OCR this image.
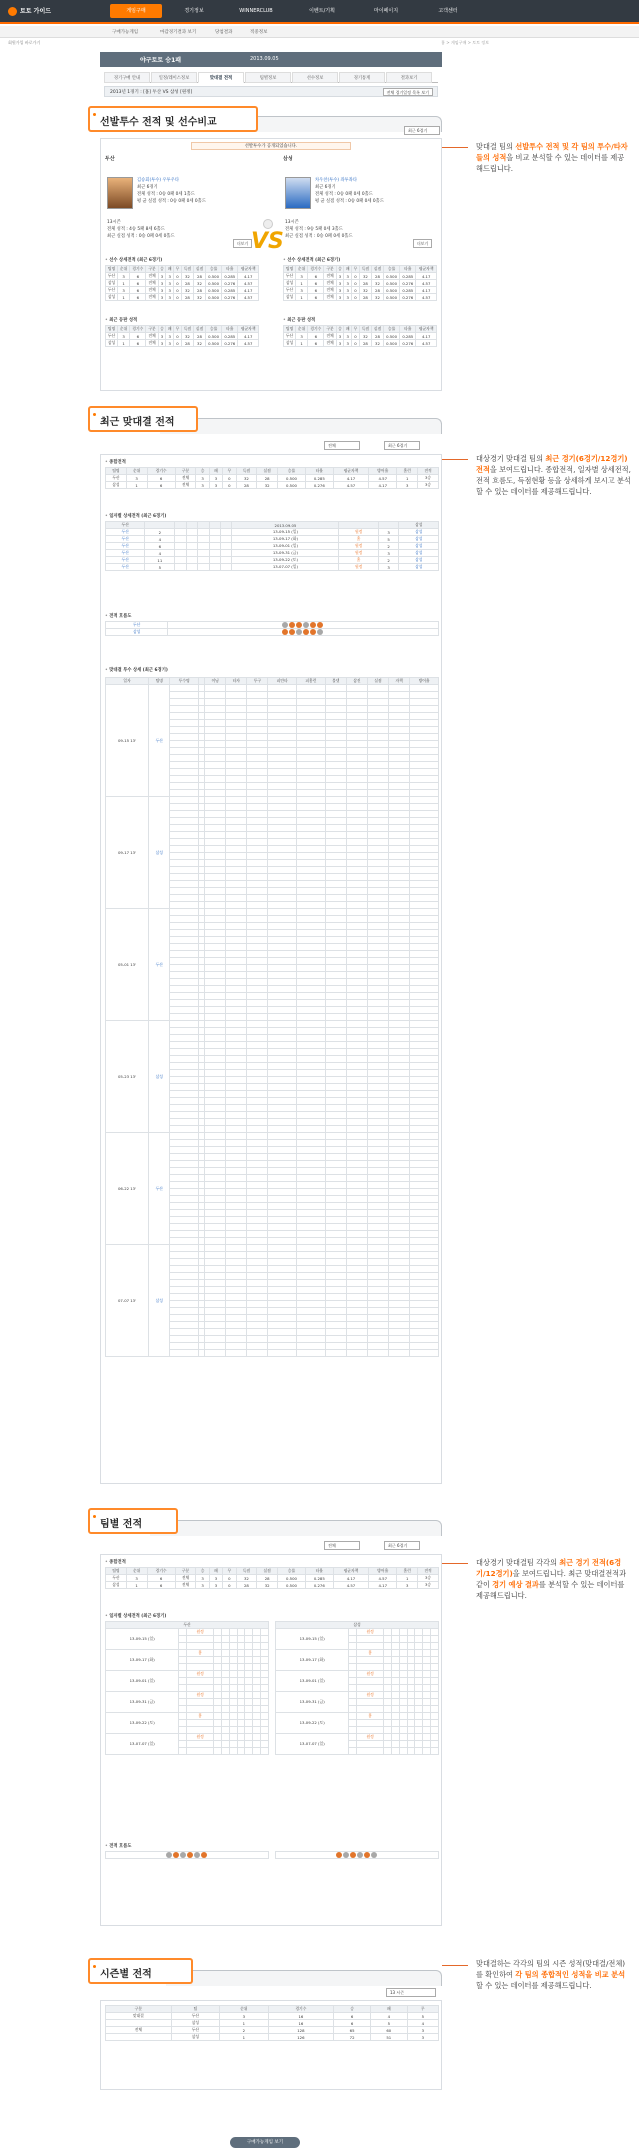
토토 가이드	게임구매	경기정보	WINNERCLUB	이벤트/기획	마이페이지	고객센터
구매가능게임	마감경기결과 보기	당첨결과	적중정보
회원가입 바로가기	홈 > 게임구매 > 토토 정보
야구토토 승1패	2013.09.05
경기구매 안내	일정/레이스정보	맞대결 전적	팀별정보	선수정보	경기통계	결과보기
2013년 1경기 : [홈] 두산 VS 삼성 [원정]	전체 경기일정 목록 보기
선발투수 전적 및 선수비교
최근 6경기
맞대결 팀의 선발투수 전적 및 각 팀의 투수/타자들의 성적을 비교 분석할 수 있는 데이터를 제공해드립니다.
선발투수가 공개되었습니다.
두산	삼성
김승회(투수) 우투우타
최근 6경기
전체 성적 : 0승 0패 0세 1홀드
평 균 실점 성적 : 0승 0패 0세 0홀드
차우찬(투수) 좌투좌타
최근 6경기
전체 성적 : 0승 0패 0세 0홀드
평 균 실점 성적 : 0승 0패 0세 0홀드
13시즌
전체 성적 : 4승 5패 8세 6홀드
최근 실점 성적 : 0승 0패 0세 0홀드
13시즌
전체 성적 : 9승 5패 0세 3홀드
최근 실점 성적 : 0승 0패 0세 0홀드
더보기	더보기
VS
• 선수 상세전적 (최근 6경기)	• 선수 상세전적 (최근 6경기)
팀명	순위	경기수	구분	승	패	무	득점	실점	승률	타율	평균자책
두산	3	6	전체	3	3	0	32	28	0.500	0.285	4.17
삼성	1	6	전체	3	3	0	28	32	0.500	0.276	4.57
두산	3	6	전체	3	3	0	32	28	0.500	0.285	4.17
삼성	1	6	전체	3	3	0	28	32	0.500	0.276	4.57
팀명	순위	경기수	구분	승	패	무	득점	실점	승률	타율	평균자책
두산	3	6	전체	3	3	0	32	28	0.500	0.285	4.17
삼성	1	6	전체	3	3	0	28	32	0.500	0.276	4.57
두산	3	6	전체	3	3	0	32	28	0.500	0.285	4.17
삼성	1	6	전체	3	3	0	28	32	0.500	0.276	4.57
• 최근 등판 성적	• 최근 등판 성적
팀명	순위	경기수	구분	승	패	무	득점	실점	승률	타율	평균자책
두산	3	6	전체	3	3	0	32	28	0.500	0.285	4.17
삼성	1	6	전체	3	3	0	28	32	0.500	0.276	4.57
팀명	순위	경기수	구분	승	패	무	득점	실점	승률	타율	평균자책
두산	3	6	전체	3	3	0	32	28	0.500	0.285	4.17
삼성	1	6	전체	3	3	0	28	32	0.500	0.276	4.57
최근 맞대결 전적
전체	최근 6경기
대상경기 맞대결 팀의 최근 경기(6경기/12경기) 전적을 보여드립니다. 종합전적, 일자별 상세전적, 전적 흐름도, 득점현황 등을 상세하게 보시고 분석할 수 있는 데이터를 제공해드립니다.
• 종합전적
팀명	순위	경기수	구분	승	패	무	득점	실점	승률	타율	평균자책	방어율	홈런	전적
두산	3	6	전체	3	3	0	32	28	0.500	0.285	4.17	4.57	1	3승
삼성	1	6	전체	3	3	0	28	32	0.500	0.276	4.57	4.17	3	3승
• 일자별 상세전적 (최근 6경기)
두산							2013.09.05			삼성
두산	2						13-09-15 (일)	원정	3	삼성
두산	4						13-09-17 (화)	홈	5	삼성
두산	6						13-09-01 (일)	원정	2	삼성
두산	4						13-09-31 (금)	원정	3	삼성
두산	11						13-09-22 (토)	홈	2	삼성
두산	5						13-07-07 (일)	원정	3	삼성
• 전적 흐름도
두산	
삼성	
• 맞대결 투수 상세 (최근 6경기)
일자	팀명	투수명		이닝	타자	투구	피안타	피홈런	볼넷	삼진	실점	자책	방어율
09-15 13'	두산												

09-17 13'	삼성												

05-01 13'	두산												

05-23 13'	삼성												

06-22 13'	두산												

07-07 13'	삼성												

팀별 전적
전체	최근 6경기
대상경기 맞대결팀 각각의 최근 경기 전적(6경기/12경기)을 보여드립니다. 최근 맞대결전적과 같이 경기 예상 결과를 분석할 수 있는 데이터를 제공해드립니다.
• 종합전적
팀명	순위	경기수	구분	승	패	무	득점	실점	승률	타율	평균자책	방어율	홈런	전적
두산	3	6	전체	3	3	0	32	28	0.500	0.285	4.17	4.57	1	3승
삼성	1	6	전체	3	3	0	28	32	0.500	0.276	4.57	4.17	3	3승
• 일자별 상세전적 (최근 6경기)
두산									
13-09-15 (일)		원정							

13-09-17 (화)		홈							

13-09-01 (일)		원정							

13-09-31 (금)		원정							

13-09-22 (토)		홈							

13-07-07 (일)		원정							

삼성									
13-09-15 (일)		원정							

13-09-17 (화)		홈							

13-09-01 (일)		원정							

13-09-31 (금)		원정							

13-09-22 (토)		홈							

13-07-07 (일)		원정							

• 전적 흐름도
시즌별 전적
13 시즌
맞대결하는 각각의 팀의 시즌 성적(맞대결/전체)를 확인하여 각 팀의 종합적인 성적을 비교 분석 할 수 있는 데이터를 제공해드립니다.
구분	팀	순위	경기수	승	패	무
맞대결	두산	3	16	6	4	5
	삼성	1	16	6	5	4
전체	두산	2	128	65	60	3
	삼성	1	126	72	51	3
구매가능게임 보기
